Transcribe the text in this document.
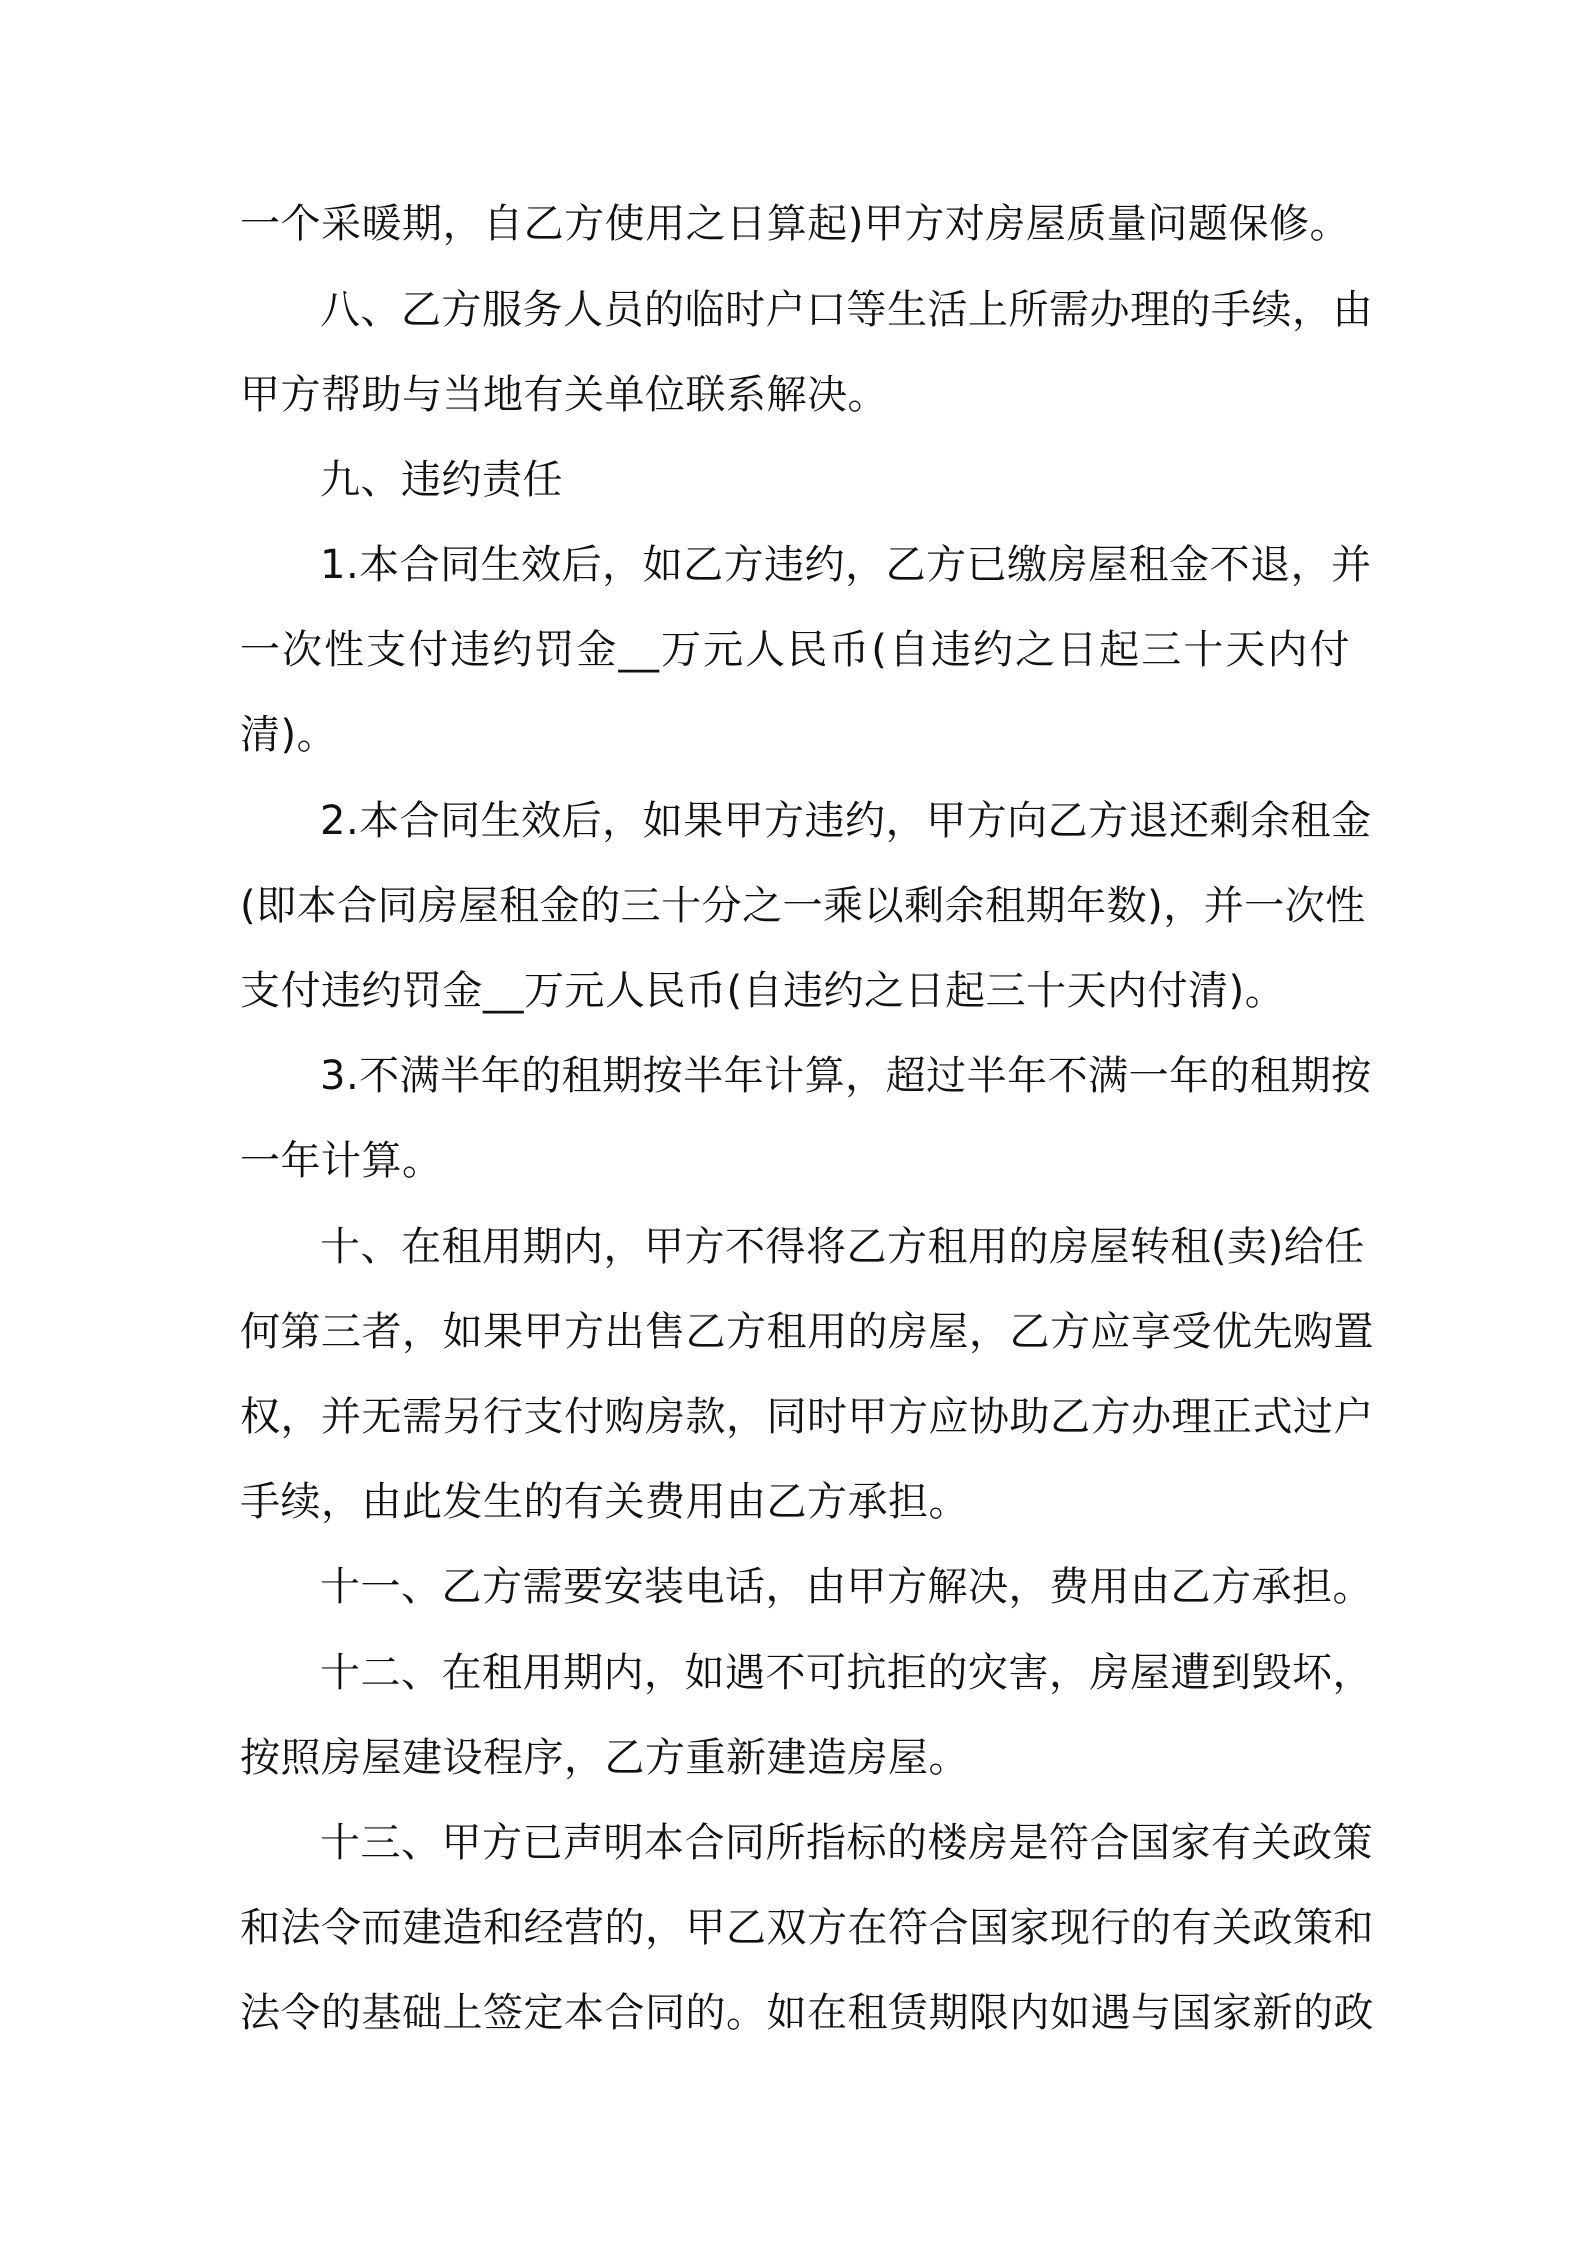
一个采暖期，自乙方使用之日算起)甲方对房屋质量问题保修。
八、乙方服务人员的临时户口等生活上所需办理的手续，由
甲方帮助与当地有关单位联系解决。
九、违约责任
1.本合同生效后，如乙方违约，乙方已缴房屋租金不退，并
一次性支付违约罚金__万元人民币(自违约之日起三十天内付
清)。
2.本合同生效后，如果甲方违约，甲方向乙方退还剩余租金
(即本合同房屋租金的三十分之一乘以剩余租期年数)，并一次性
支付违约罚金__万元人民币(自违约之日起三十天内付清)。
3.不满半年的租期按半年计算，超过半年不满一年的租期按
一年计算。
十、在租用期内，甲方不得将乙方租用的房屋转租(卖)给任
何第三者，如果甲方出售乙方租用的房屋，乙方应享受优先购置
权，并无需另行支付购房款，同时甲方应协助乙方办理正式过户
手续，由此发生的有关费用由乙方承担。
十一、乙方需要安装电话，由甲方解决，费用由乙方承担。
十二、在租用期内，如遇不可抗拒的灾害，房屋遭到毁坏，
按照房屋建设程序，乙方重新建造房屋。
十三、甲方已声明本合同所指标的楼房是符合国家有关政策
和法令而建造和经营的，甲乙双方在符合国家现行的有关政策和
法令的基础上签定本合同的。如在租赁期限内如遇与国家新的政
